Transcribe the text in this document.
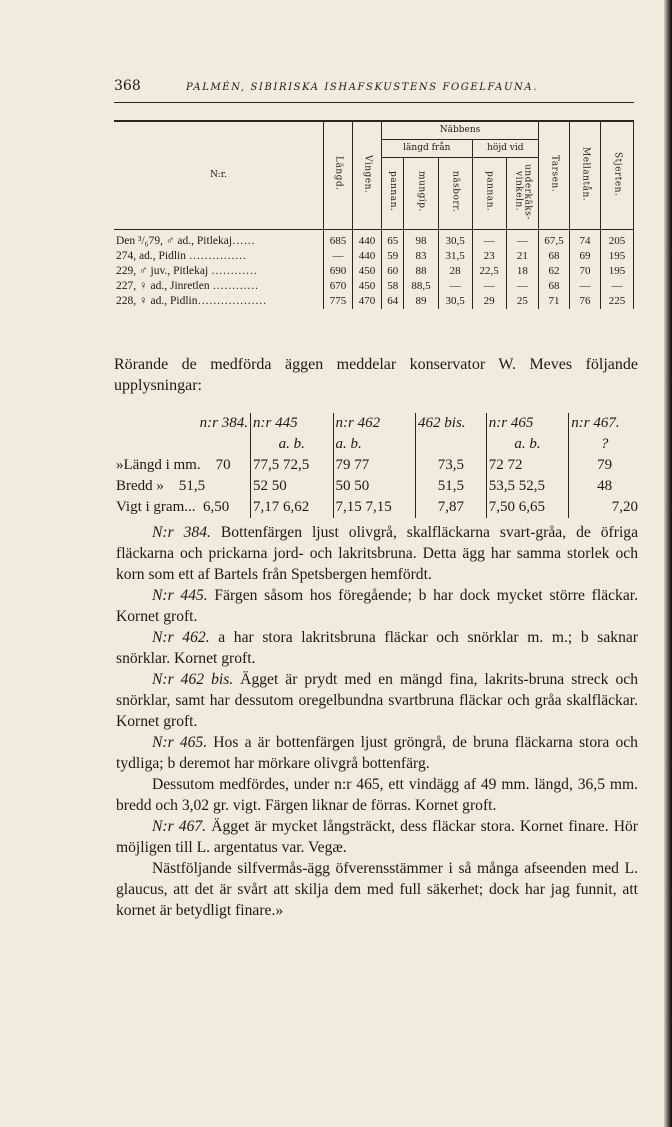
368	PALMÉN, SIBIRISKA ISHAFSKUSTENS FOGELFAUNA.
N:r.	Längd.	Vingen.	Näbbens					Tarsen.	Mellantån.	Stjerten.
			längd från			höjd vid				
			pannan.	mungip.	näsborr.	pannan.	underkäks-vinkeln.			
Den ³/₆79, ♂ ad., Pitlekaj……	685	440	65	98	30,5	—	—	67,5	74	205
274, ad., Pidlin ……………	—	440	59	83	31,5	23	21	68	69	195
229, ♂ juv., Pitlekaj …………	690	450	60	88	28	22,5	18	62	70	195
227, ♀ ad., Jinretlen …………	670	450	58	88,5	—	—	—	68	—	—
228, ♀ ad., Pidlin………………	775	470	64	89	30,5	29	25	71	76	225
Rörande de medförda äggen meddelar konservator W. Meves följande upplysningar:
n:r 384.	n:r 445	n:r 462	462 bis.	n:r 465	n:r 467.
	a. b.	a. b.		a. b.	?
»Längd i mm. 70	77,5 72,5	79 77	73,5	72 72	79
Bredd » 51,5	52 50	50 50	51,5	53,5 52,5	48
Vigt i gram... 6,50	7,17 6,62	7,15 7,15	7,87	7,50 6,65	7,20

N:r 384. Bottenfärgen ljust olivgrå, skalfläckarna svart-gråa, de öfriga fläckarna och prickarna jord- och lakritsbruna. Detta ägg har samma storlek och korn som ett af Bartels från Spetsbergen hemfördt.

N:r 445. Färgen såsom hos föregående; b har dock mycket större fläckar. Kornet groft.

N:r 462. a har stora lakritsbruna fläckar och snörklar m. m.; b saknar snörklar. Kornet groft.

N:r 462 bis. Ägget är prydt med en mängd fina, lakrits-bruna streck och snörklar, samt har dessutom oregelbundna svartbruna fläckar och gråa skalfläckar. Kornet groft.

N:r 465. Hos a är bottenfärgen ljust gröngrå, de bruna fläckarna stora och tydliga; b deremot har mörkare olivgrå bottenfärg.

Dessutom medfördes, under n:r 465, ett vindägg af 49 mm. längd, 36,5 mm. bredd och 3,02 gr. vigt. Färgen liknar de förras. Kornet groft.

N:r 467. Ägget är mycket långsträckt, dess fläckar stora. Kornet finare. Hör möjligen till L. argentatus var. Vegæ.

Nästföljande silfvermås-ägg öfverensstämmer i så många afseenden med L. glaucus, att det är svårt att skilja dem med full säkerhet; dock har jag funnit, att kornet är betydligt finare.»
